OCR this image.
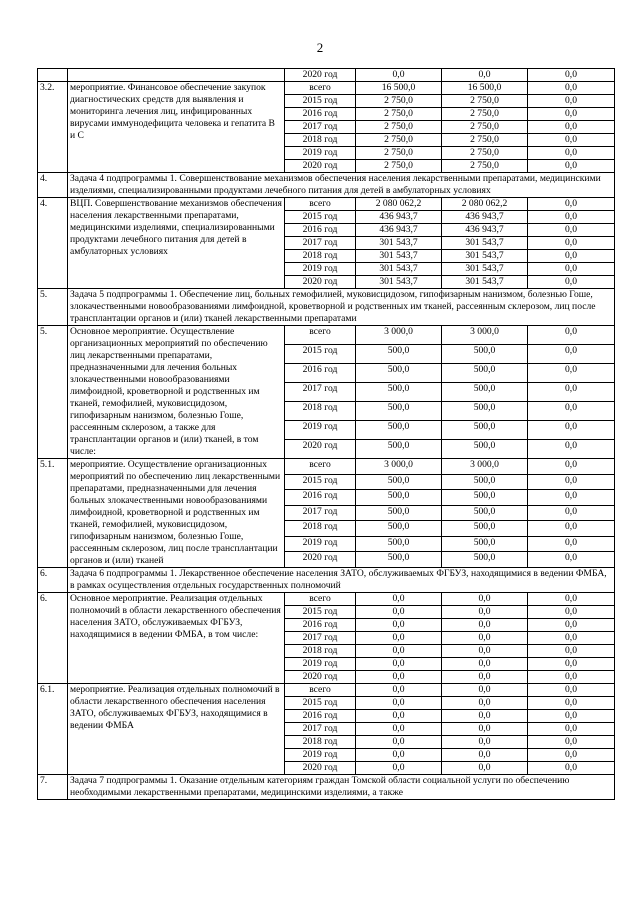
2
		2020 год	0,0	0,0	0,0
3.2.	мероприятие. Финансовое обеспечение закупок диагностических средств для выявления и мониторинга лечения лиц, инфицированных вирусами иммунодефицита человека и гепатита В и С	всего	16 500,0	16 500,0	0,0
		2015 год	2 750,0	2 750,0	0,0
		2016 год	2 750,0	2 750,0	0,0
		2017 год	2 750,0	2 750,0	0,0
		2018 год	2 750,0	2 750,0	0,0
		2019 год	2 750,0	2 750,0	0,0
		2020 год	2 750,0	2 750,0	0,0
4.	Задача 4 подпрограммы 1. Совершенствование механизмов обеспечения населения лекарственными препаратами, медицинскими изделиями, специализированными продуктами лечебного питания для детей в амбулаторных условиях				
4.	ВЦП. Совершенствование механизмов обеспечения населения лекарственными препаратами, медицинскими изделиями, специализированными продуктами лечебного питания для детей в амбулаторных условиях	всего	2 080 062,2	2 080 062,2	0,0
		2015 год	436 943,7	436 943,7	0,0
		2016 год	436 943,7	436 943,7	0,0
		2017 год	301 543,7	301 543,7	0,0
		2018 год	301 543,7	301 543,7	0,0
		2019 год	301 543,7	301 543,7	0,0
		2020 год	301 543,7	301 543,7	0,0
5.	Задача 5 подпрограммы 1. Обеспечение лиц, больных гемофилией, муковисцидозом, гипофизарным нанизмом, болезнью Гоше, злокачественными новообразованиями лимфоидной, кроветворной и родственных им тканей, рассеянным склерозом, лиц после трансплантации органов и (или) тканей лекарственными препаратами				
5.	Основное мероприятие. Осуществление организационных мероприятий по обеспечению лиц лекарственными препаратами, предназначенными для лечения больных злокачественными новообразованиями лимфоидной, кроветворной и родственных им тканей, гемофилией, муковисцидозом, гипофизарным нанизмом, болезнью Гоше, рассеянным склерозом, а также для трансплантации органов и (или) тканей, в том числе:	всего	3 000,0	3 000,0	0,0
		2015 год	500,0	500,0	0,0
		2016 год	500,0	500,0	0,0
		2017 год	500,0	500,0	0,0
		2018 год	500,0	500,0	0,0
		2019 год	500,0	500,0	0,0
		2020 год	500,0	500,0	0,0
5.1.	мероприятие. Осуществление организационных мероприятий по обеспечению лиц лекарственными препаратами, предназначенными для лечения больных злокачественными новообразованиями лимфоидной, кроветворной и родственных им тканей, гемофилией, муковисцидозом, гипофизарным нанизмом, болезнью Гоше, рассеянным склерозом, лиц после трансплантации органов и (или) тканей	всего	3 000,0	3 000,0	0,0
		2015 год	500,0	500,0	0,0
		2016 год	500,0	500,0	0,0
		2017 год	500,0	500,0	0,0
		2018 год	500,0	500,0	0,0
		2019 год	500,0	500,0	0,0
		2020 год	500,0	500,0	0,0
6.	Задача 6 подпрограммы 1. Лекарственное обеспечение населения ЗАТО, обслуживаемых ФГБУЗ, находящимися в ведении ФМБА, в рамках осуществления отдельных государственных полномочий				
6.	Основное мероприятие. Реализация отдельных полномочий в области лекарственного обеспечения населения ЗАТО, обслуживаемых ФГБУЗ, находящимися в ведении ФМБА, в том числе:	всего	0,0	0,0	0,0
		2015 год	0,0	0,0	0,0
		2016 год	0,0	0,0	0,0
		2017 год	0,0	0,0	0,0
		2018 год	0,0	0,0	0,0
		2019 год	0,0	0,0	0,0
		2020 год	0,0	0,0	0,0
6.1.	мероприятие. Реализация отдельных полномочий в области лекарственного обеспечения населения ЗАТО, обслуживаемых ФГБУЗ, находящимися в ведении ФМБА	всего	0,0	0,0	0,0
		2015 год	0,0	0,0	0,0
		2016 год	0,0	0,0	0,0
		2017 год	0,0	0,0	0,0
		2018 год	0,0	0,0	0,0
		2019 год	0,0	0,0	0,0
		2020 год	0,0	0,0	0,0
7.	Задача 7 подпрограммы 1. Оказание отдельным категориям граждан Томской области социальной услуги по обеспечению необходимыми лекарственными препаратами, медицинскими изделиями, а также				
